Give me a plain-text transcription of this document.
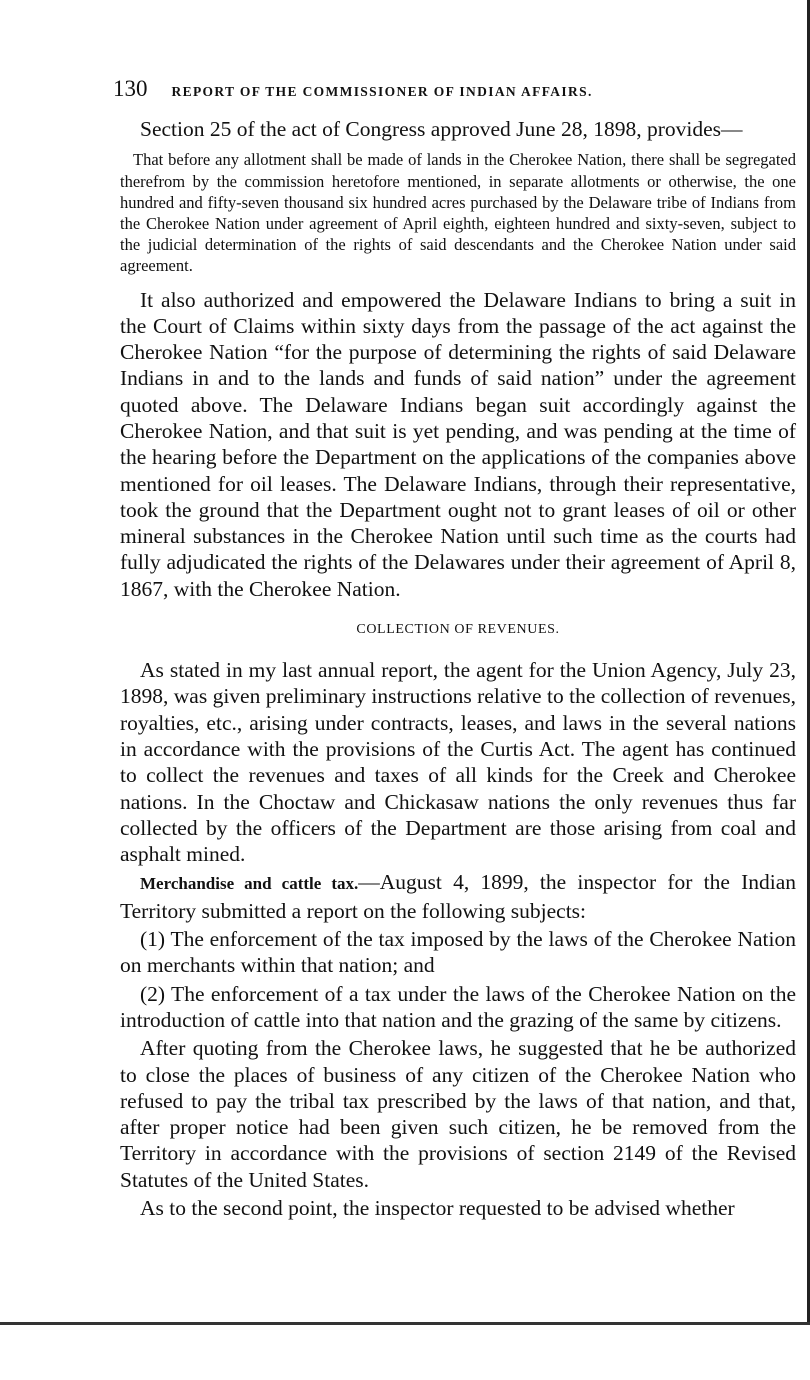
130 REPORT OF THE COMMISSIONER OF INDIAN AFFAIRS.

Section 25 of the act of Congress approved June 28, 1898, provides—

That before any allotment shall be made of lands in the Cherokee Nation, there shall be segregated therefrom by the commission heretofore mentioned, in separate allotments or otherwise, the one hundred and fifty-seven thousand six hundred acres purchased by the Delaware tribe of Indians from the Cherokee Nation under agreement of April eighth, eighteen hundred and sixty-seven, subject to the judicial determination of the rights of said descendants and the Cherokee Nation under said agreement.

It also authorized and empowered the Delaware Indians to bring a suit in the Court of Claims within sixty days from the passage of the act against the Cherokee Nation “for the purpose of determining the rights of said Delaware Indians in and to the lands and funds of said nation” under the agreement quoted above. The Delaware Indians began suit accordingly against the Cherokee Nation, and that suit is yet pending, and was pending at the time of the hearing before the Department on the applications of the companies above mentioned for oil leases. The Delaware Indians, through their representative, took the ground that the Department ought not to grant leases of oil or other mineral substances in the Cherokee Nation until such time as the courts had fully adjudicated the rights of the Delawares under their agreement of April 8, 1867, with the Cherokee Nation.

COLLECTION OF REVENUES.

As stated in my last annual report, the agent for the Union Agency, July 23, 1898, was given preliminary instructions relative to the collection of revenues, royalties, etc., arising under contracts, leases, and laws in the several nations in accordance with the provisions of the Curtis Act. The agent has continued to collect the revenues and taxes of all kinds for the Creek and Cherokee nations. In the Choctaw and Chickasaw nations the only revenues thus far collected by the officers of the Department are those arising from coal and asphalt mined.

Merchandise and cattle tax.—August 4, 1899, the inspector for the Indian Territory submitted a report on the following subjects:

(1) The enforcement of the tax imposed by the laws of the Cherokee Nation on merchants within that nation; and

(2) The enforcement of a tax under the laws of the Cherokee Nation on the introduction of cattle into that nation and the grazing of the same by citizens.

After quoting from the Cherokee laws, he suggested that he be authorized to close the places of business of any citizen of the Cherokee Nation who refused to pay the tribal tax prescribed by the laws of that nation, and that, after proper notice had been given such citizen, he be removed from the Territory in accordance with the provisions of section 2149 of the Revised Statutes of the United States.

As to the second point, the inspector requested to be advised whether
